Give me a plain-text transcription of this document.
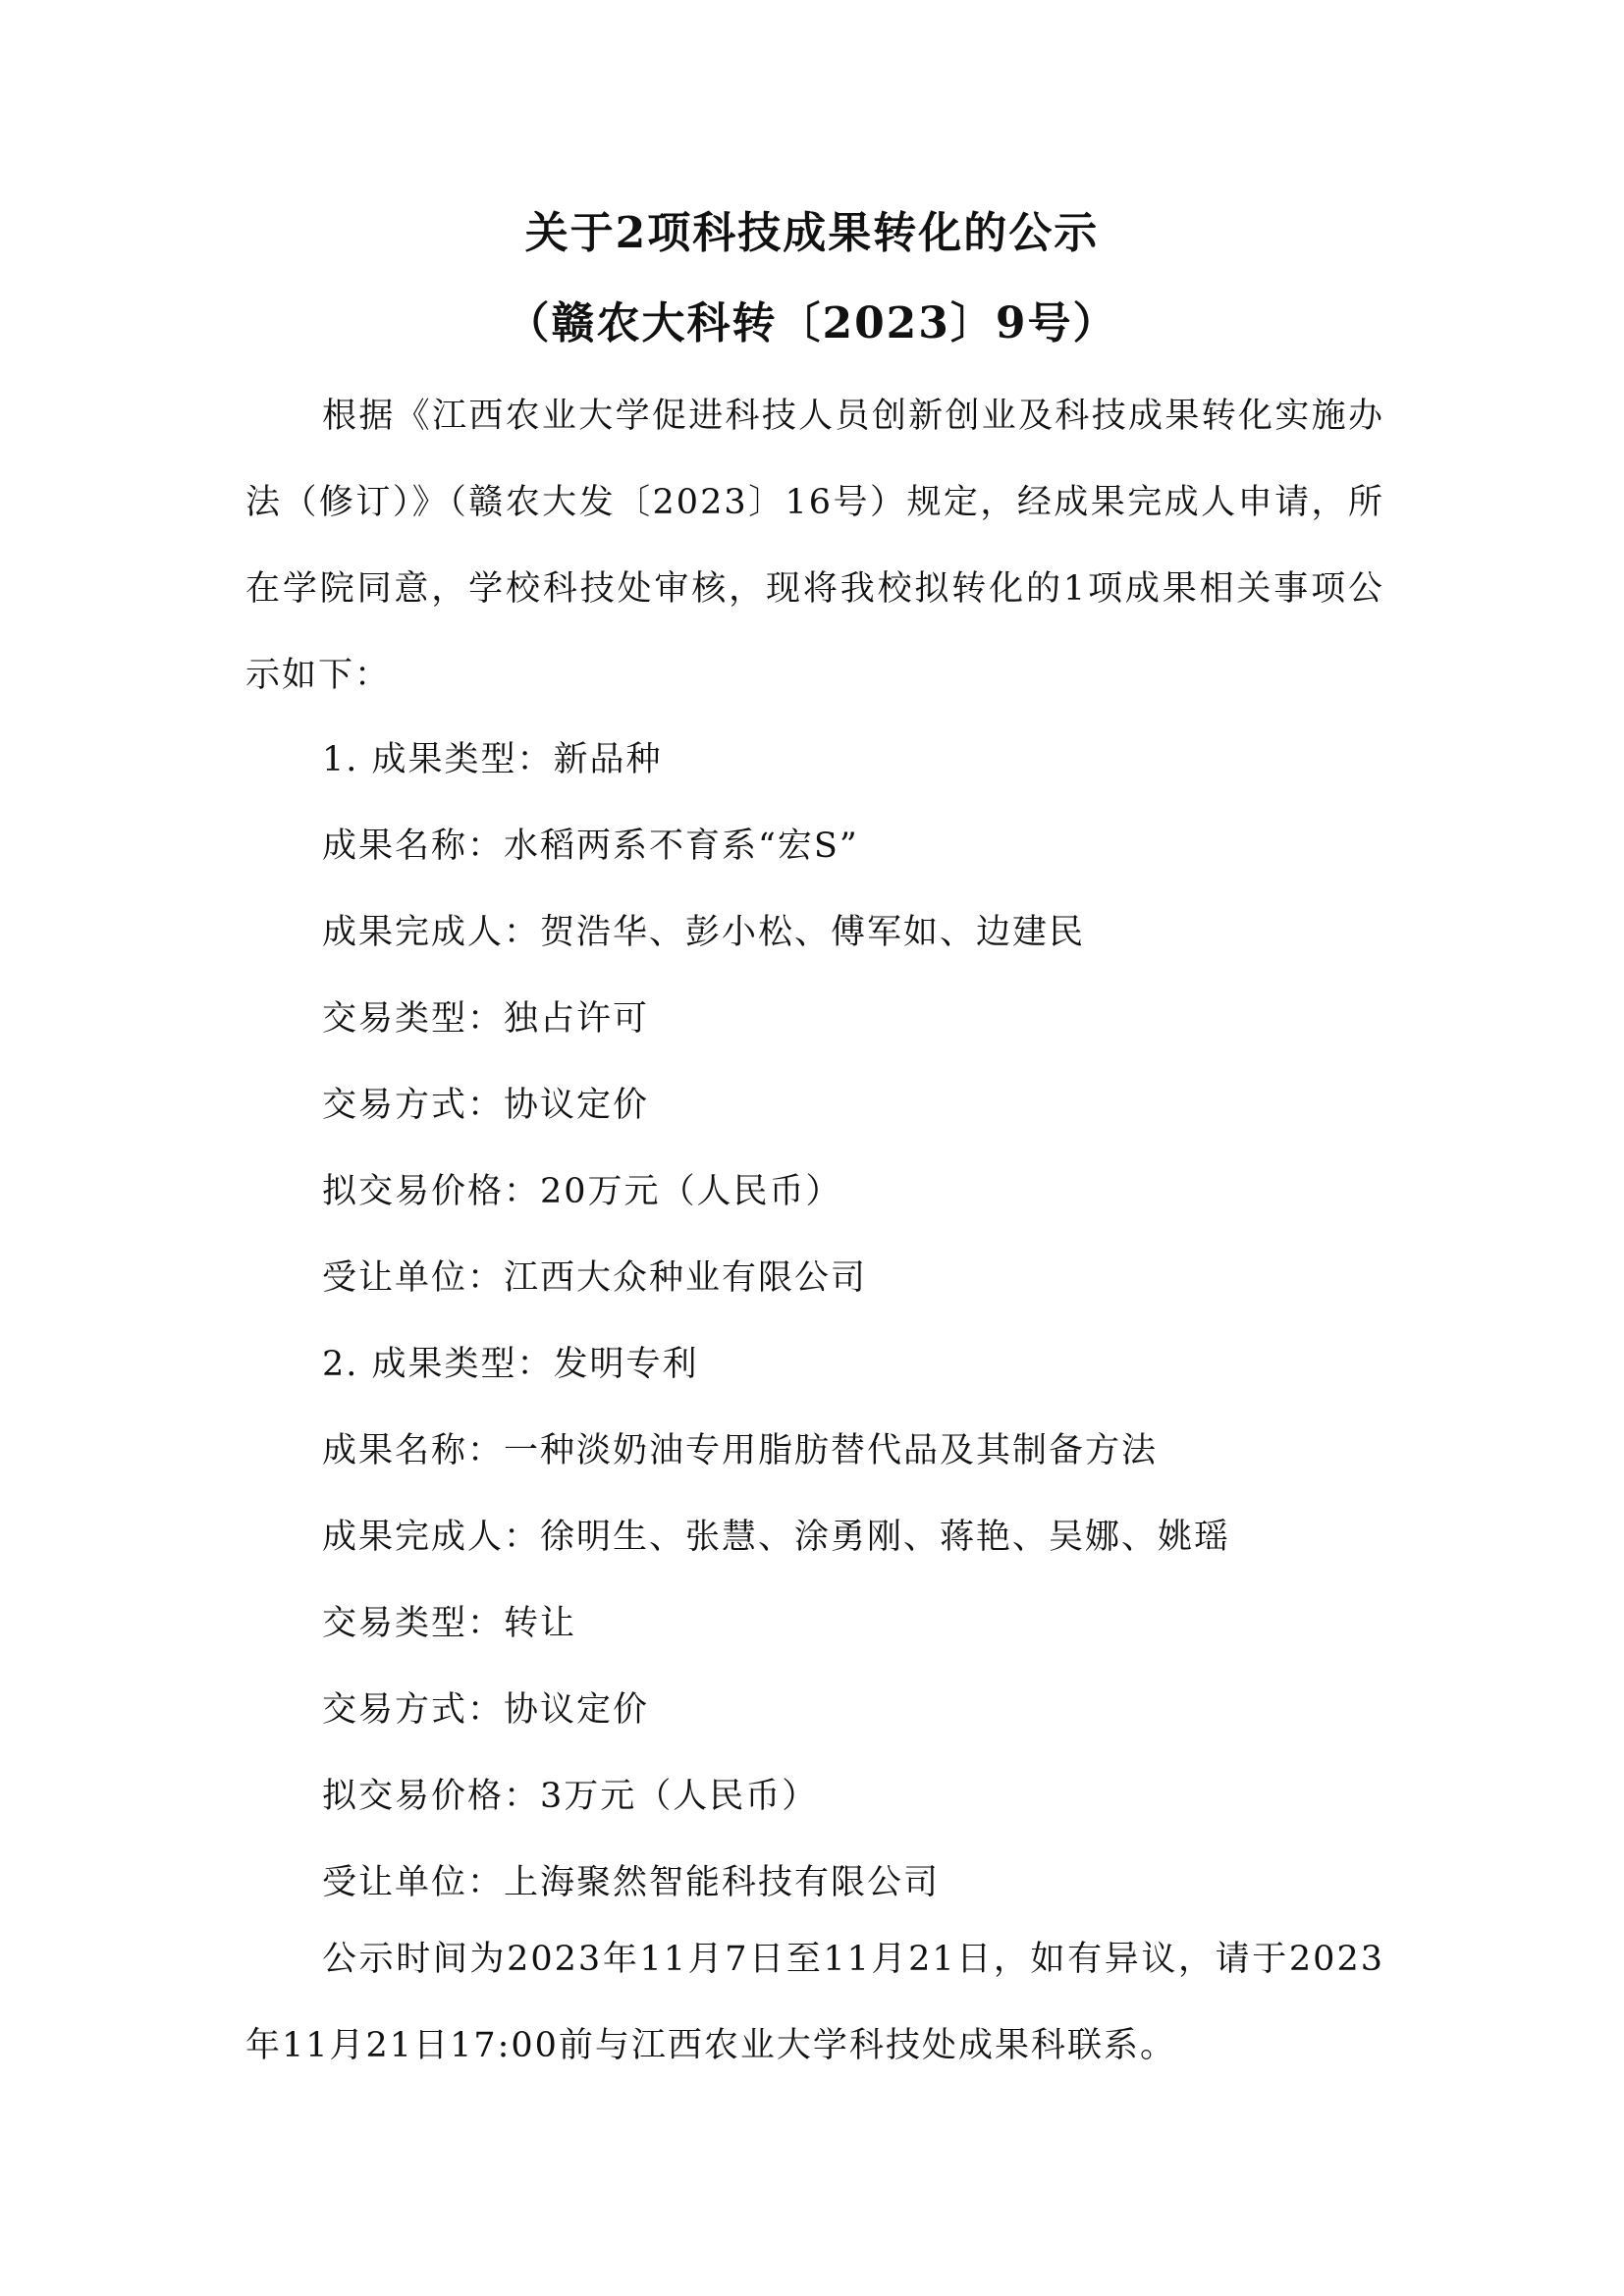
关于2项科技成果转化的公示
（赣农大科转〔2023〕9号）
根据《江西农业大学促进科技人员创新创业及科技成果转化实施办法（修订）》（赣农大发〔2023〕16号）规定，经成果完成人申请，所在学院同意，学校科技处审核，现将我校拟转化的1项成果相关事项公示如下：
1. 成果类型：新品种
成果名称：水稻两系不育系“宏S”
成果完成人：贺浩华、彭小松、傅军如、边建民
交易类型：独占许可
交易方式：协议定价
拟交易价格：20万元（人民币）
受让单位：江西大众种业有限公司
2. 成果类型：发明专利
成果名称：一种淡奶油专用脂肪替代品及其制备方法
成果完成人：徐明生、张慧、涂勇刚、蒋艳、吴娜、姚瑶
交易类型：转让
交易方式：协议定价
拟交易价格：3万元（人民币）
受让单位：上海聚然智能科技有限公司
公示时间为2023年11月7日至11月21日，如有异议，请于2023年11月21日17:00前与江西农业大学科技处成果科联系。
